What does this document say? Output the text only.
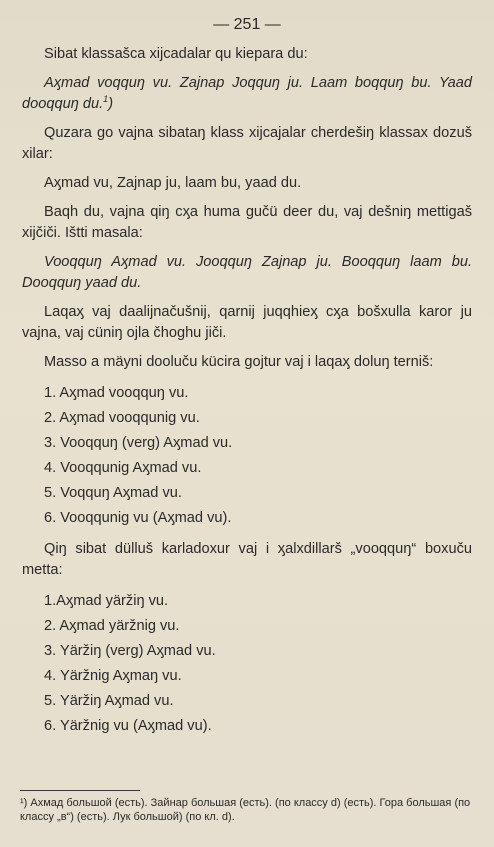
— 251 —

Sibat klassašca xijcadalar qu kiepara du:

Aӽmad voqquŋ vu. Zajnap Joqquŋ ju. Laam boqquŋ bu. Yaad dooqquŋ du.$^1$)

Quzara go vajna sibataŋ klass xijcajalar cherdešiŋ klassax dozuš xilar:

Aӽmad vu, Zajnap ju, laam bu, yaad du.

Baqh du, vajna qiŋ cӽa huma gučü deer du, vaj dešniŋ mettigaš xijčiči. Ištti masala:

Vooqquŋ Aӽmad vu. Jooqquŋ Zajnap ju. Booqquŋ laam bu. Dooqquŋ yaad du.

Laqaӽ vaj daalijnačušnij, qarnij juqqhieӽ cӽa bošxulla karor ju vajna, vaj cüniŋ ojla čhoghu jiči.

Masso a mäyni dooluču kücira gojtur vaj i laqaӽ doluŋ terniš:

1. Aӽmad vooqquŋ vu.
2. Aӽmad vooqqunig vu.
3. Vooqquŋ (verg) Aӽmad vu.
4. Vooqqunig Aӽmad vu.
5. Voqquŋ Aӽmad vu.
6. Vooqqunig vu (Aӽmad vu).

Qiŋ sibat dülluš karladoxur vaj i ӽalxdillarš „vooqquŋ“ boxuču metta:

1.Aӽmad yäržiŋ vu.
2. Aӽmad yäržnig vu.
3. Yäržiŋ (verg) Aӽmad vu.
4. Yäržnig Aӽmaŋ vu.
5. Yäržiŋ Aӽmad vu.
6. Yäržnig vu (Aӽmad vu).
¹) Ахмад большой (есть). Зайнар большая (есть). (по классу d) (есть). Гора большая (по классу „в“) (есть). Лук большой) (по кл. d).
